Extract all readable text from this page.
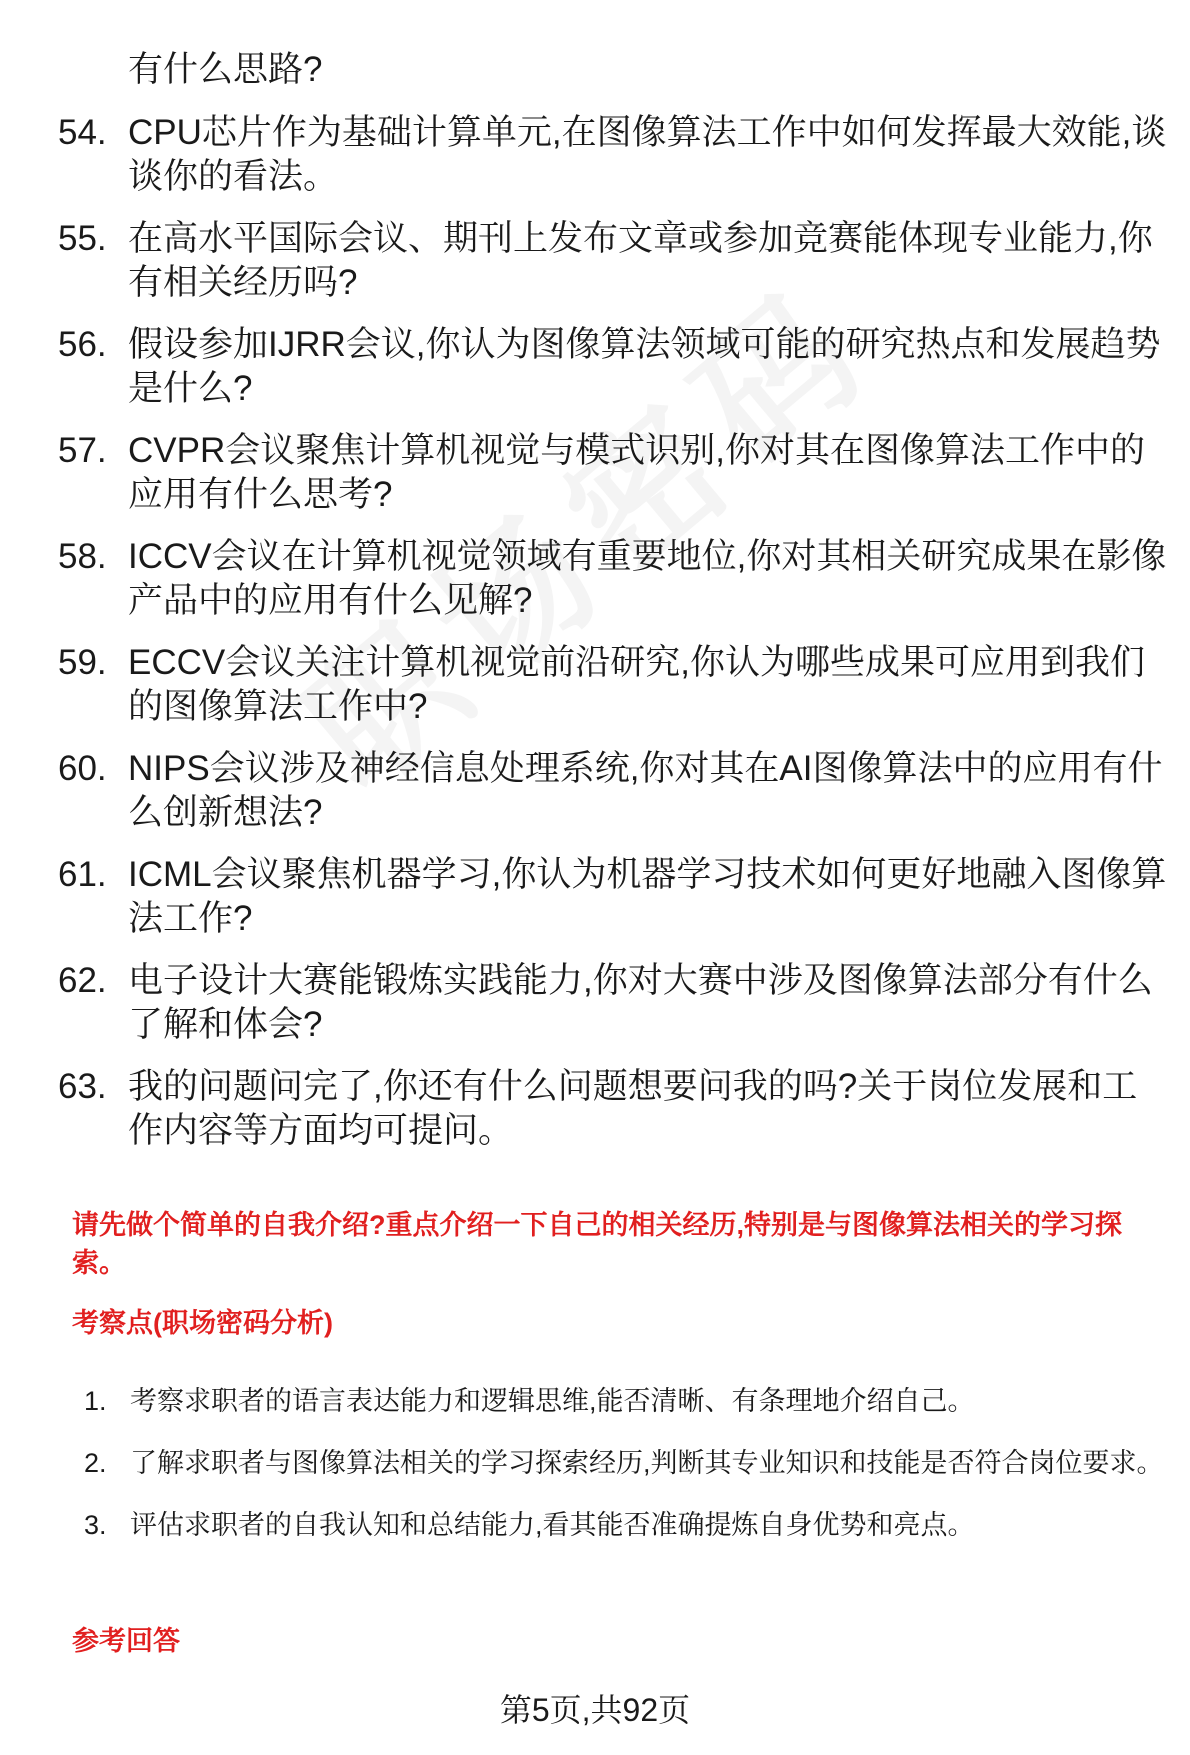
有什么思路?
54. CPU芯片作为基础计算单元,在图像算法工作中如何发挥最大效能,谈谈你的看法。
55. 在高水平国际会议、期刊上发布文章或参加竞赛能体现专业能力,你有相关经历吗?
56. 假设参加IJRR会议,你认为图像算法领域可能的研究热点和发展趋势是什么?
57. CVPR会议聚焦计算机视觉与模式识别,你对其在图像算法工作中的应用有什么思考?
58. ICCV会议在计算机视觉领域有重要地位,你对其相关研究成果在影像产品中的应用有什么见解?
59. ECCV会议关注计算机视觉前沿研究,你认为哪些成果可应用到我们的图像算法工作中?
60. NIPS会议涉及神经信息处理系统,你对其在AI图像算法中的应用有什么创新想法?
61. ICML会议聚焦机器学习,你认为机器学习技术如何更好地融入图像算法工作?
62. 电子设计大赛能锻炼实践能力,你对大赛中涉及图像算法部分有什么了解和体会?
63. 我的问题问完了,你还有什么问题想要问我的吗?关于岗位发展和工作内容等方面均可提问。
请先做个简单的自我介绍?重点介绍一下自己的相关经历,特别是与图像算法相关的学习探索。
考察点(职场密码分析)
1. 考察求职者的语言表达能力和逻辑思维,能否清晰、有条理地介绍自己。
2. 了解求职者与图像算法相关的学习探索经历,判断其专业知识和技能是否符合岗位要求。
3. 评估求职者的自我认知和总结能力,看其能否准确提炼自身优势和亮点。
参考回答
第5页,共92页
